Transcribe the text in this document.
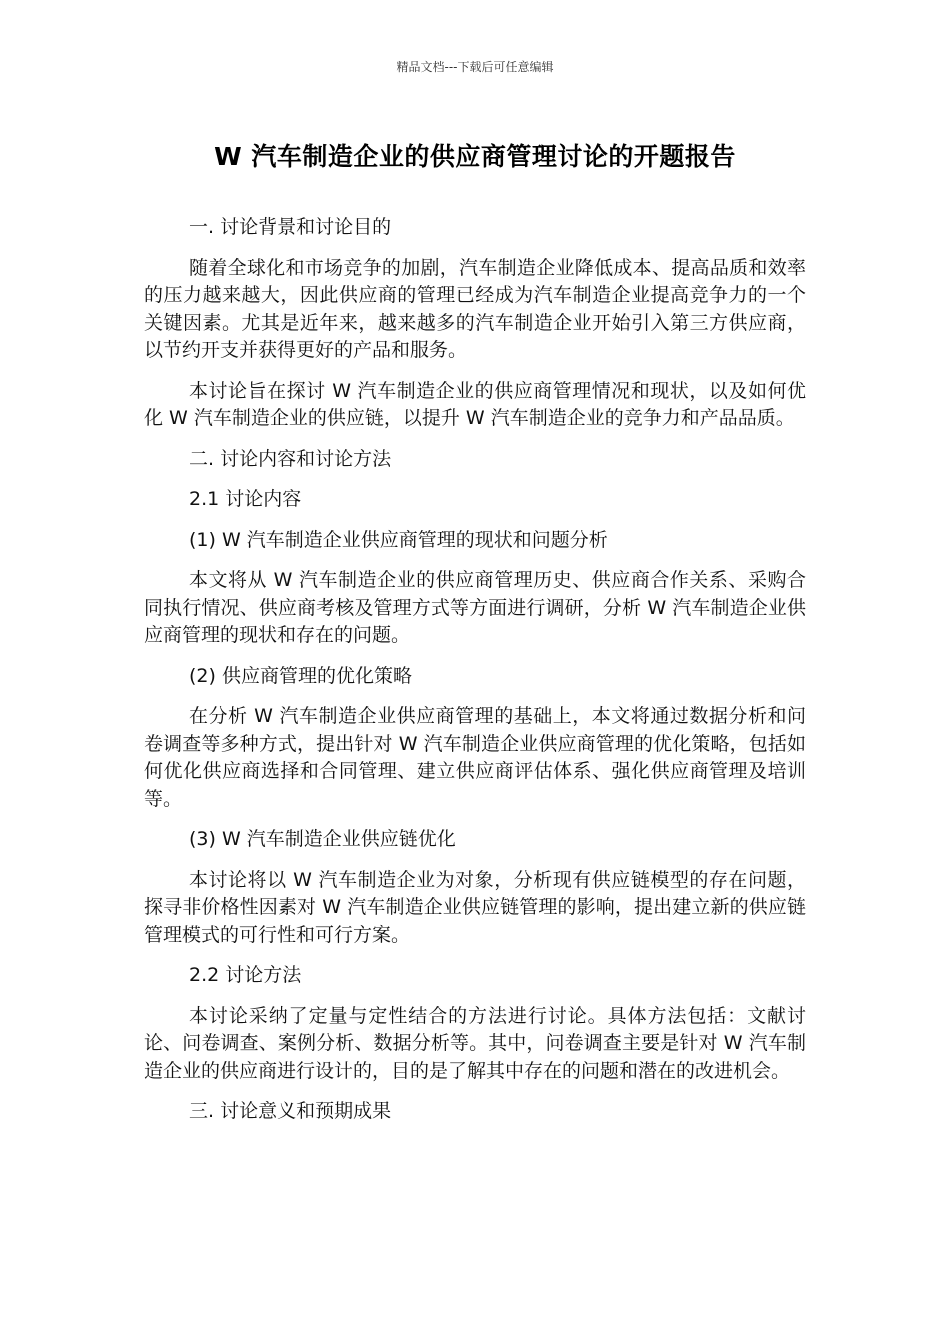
精品文档---下载后可任意编辑
W 汽车制造企业的供应商管理讨论的开题报告

一. 讨论背景和讨论目的

随着全球化和市场竞争的加剧，汽车制造企业降低成本、提高品质和效率的压力越来越大，因此供应商的管理已经成为汽车制造企业提高竞争力的一个关键因素。尤其是近年来，越来越多的汽车制造企业开始引入第三方供应商，以节约开支并获得更好的产品和服务。

本讨论旨在探讨 W 汽车制造企业的供应商管理情况和现状，以及如何优化 W 汽车制造企业的供应链，以提升 W 汽车制造企业的竞争力和产品品质。

二. 讨论内容和讨论方法

2.1 讨论内容

(1) W 汽车制造企业供应商管理的现状和问题分析

本文将从 W 汽车制造企业的供应商管理历史、供应商合作关系、采购合同执行情况、供应商考核及管理方式等方面进行调研，分析 W 汽车制造企业供应商管理的现状和存在的问题。

(2) 供应商管理的优化策略

在分析 W 汽车制造企业供应商管理的基础上，本文将通过数据分析和问卷调查等多种方式，提出针对 W 汽车制造企业供应商管理的优化策略，包括如何优化供应商选择和合同管理、建立供应商评估体系、强化供应商管理及培训等。

(3) W 汽车制造企业供应链优化

本讨论将以 W 汽车制造企业为对象，分析现有供应链模型的存在问题，探寻非价格性因素对 W 汽车制造企业供应链管理的影响，提出建立新的供应链管理模式的可行性和可行方案。

2.2 讨论方法

本讨论采纳了定量与定性结合的方法进行讨论。具体方法包括：文献讨论、问卷调查、案例分析、数据分析等。其中，问卷调查主要是针对 W 汽车制造企业的供应商进行设计的，目的是了解其中存在的问题和潜在的改进机会。

三. 讨论意义和预期成果
